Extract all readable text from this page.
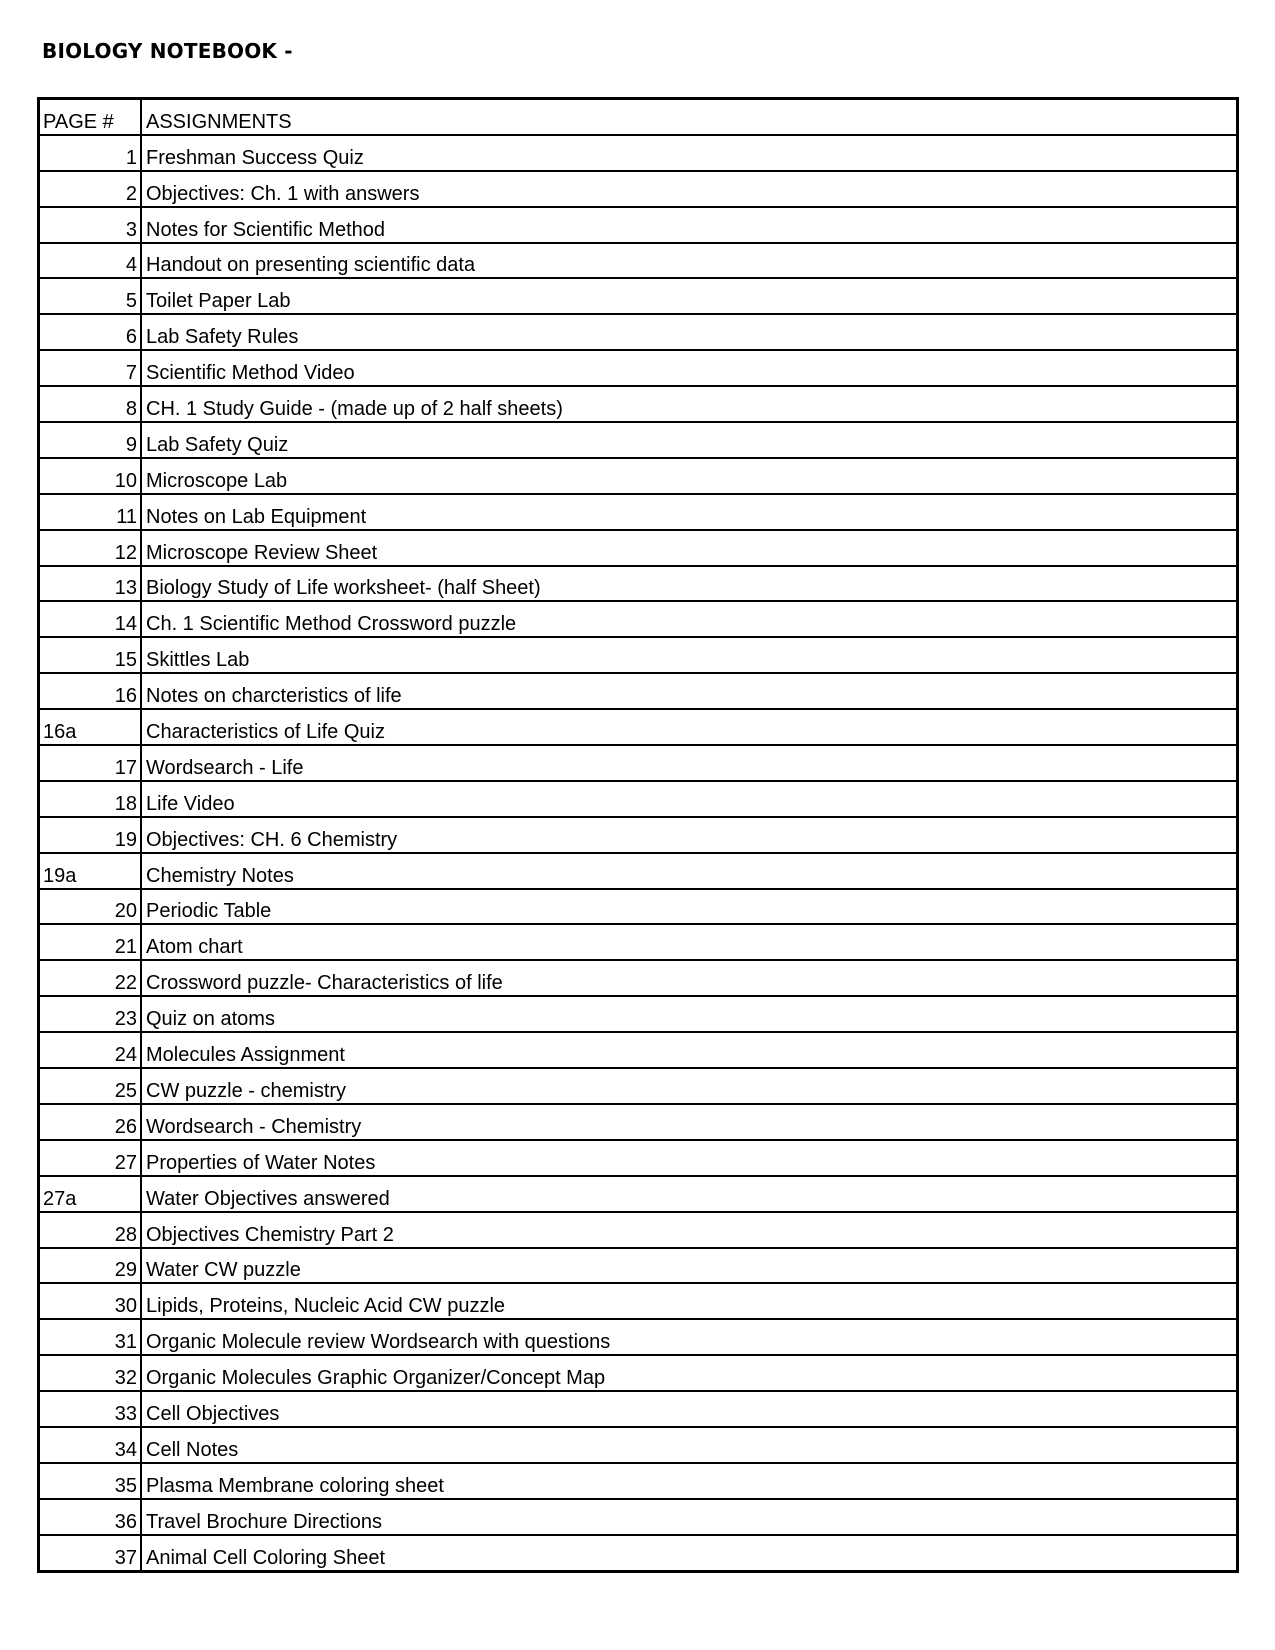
BIOLOGY NOTEBOOK -
PAGE #	ASSIGNMENTS

1	Freshman Success Quiz

2	Objectives: Ch. 1 with answers

3	Notes for Scientific Method

4	Handout on presenting scientific data

5	Toilet Paper Lab

6	Lab Safety Rules

7	Scientific Method Video

8	CH. 1 Study Guide - (made up of 2 half sheets)

9	Lab Safety Quiz

10	Microscope Lab

11	Notes on Lab Equipment

12	Microscope Review Sheet

13	Biology Study of Life worksheet- (half Sheet)

14	Ch. 1 Scientific Method Crossword puzzle

15	Skittles Lab

16	Notes on charcteristics of life

16a	Characteristics of Life Quiz

17	Wordsearch - Life

18	Life Video

19	Objectives: CH. 6 Chemistry

19a	Chemistry Notes

20	Periodic Table

21	Atom chart

22	Crossword puzzle- Characteristics of life

23	Quiz on atoms

24	Molecules Assignment

25	CW puzzle - chemistry

26	Wordsearch - Chemistry

27	Properties of Water Notes

27a	Water Objectives answered

28	Objectives Chemistry Part 2

29	Water CW puzzle

30	Lipids, Proteins, Nucleic Acid CW puzzle

31	Organic Molecule review Wordsearch with questions

32	Organic Molecules Graphic Organizer/Concept Map

33	Cell Objectives

34	Cell Notes

35	Plasma Membrane coloring sheet

36	Travel Brochure Directions

37	Animal Cell Coloring Sheet
